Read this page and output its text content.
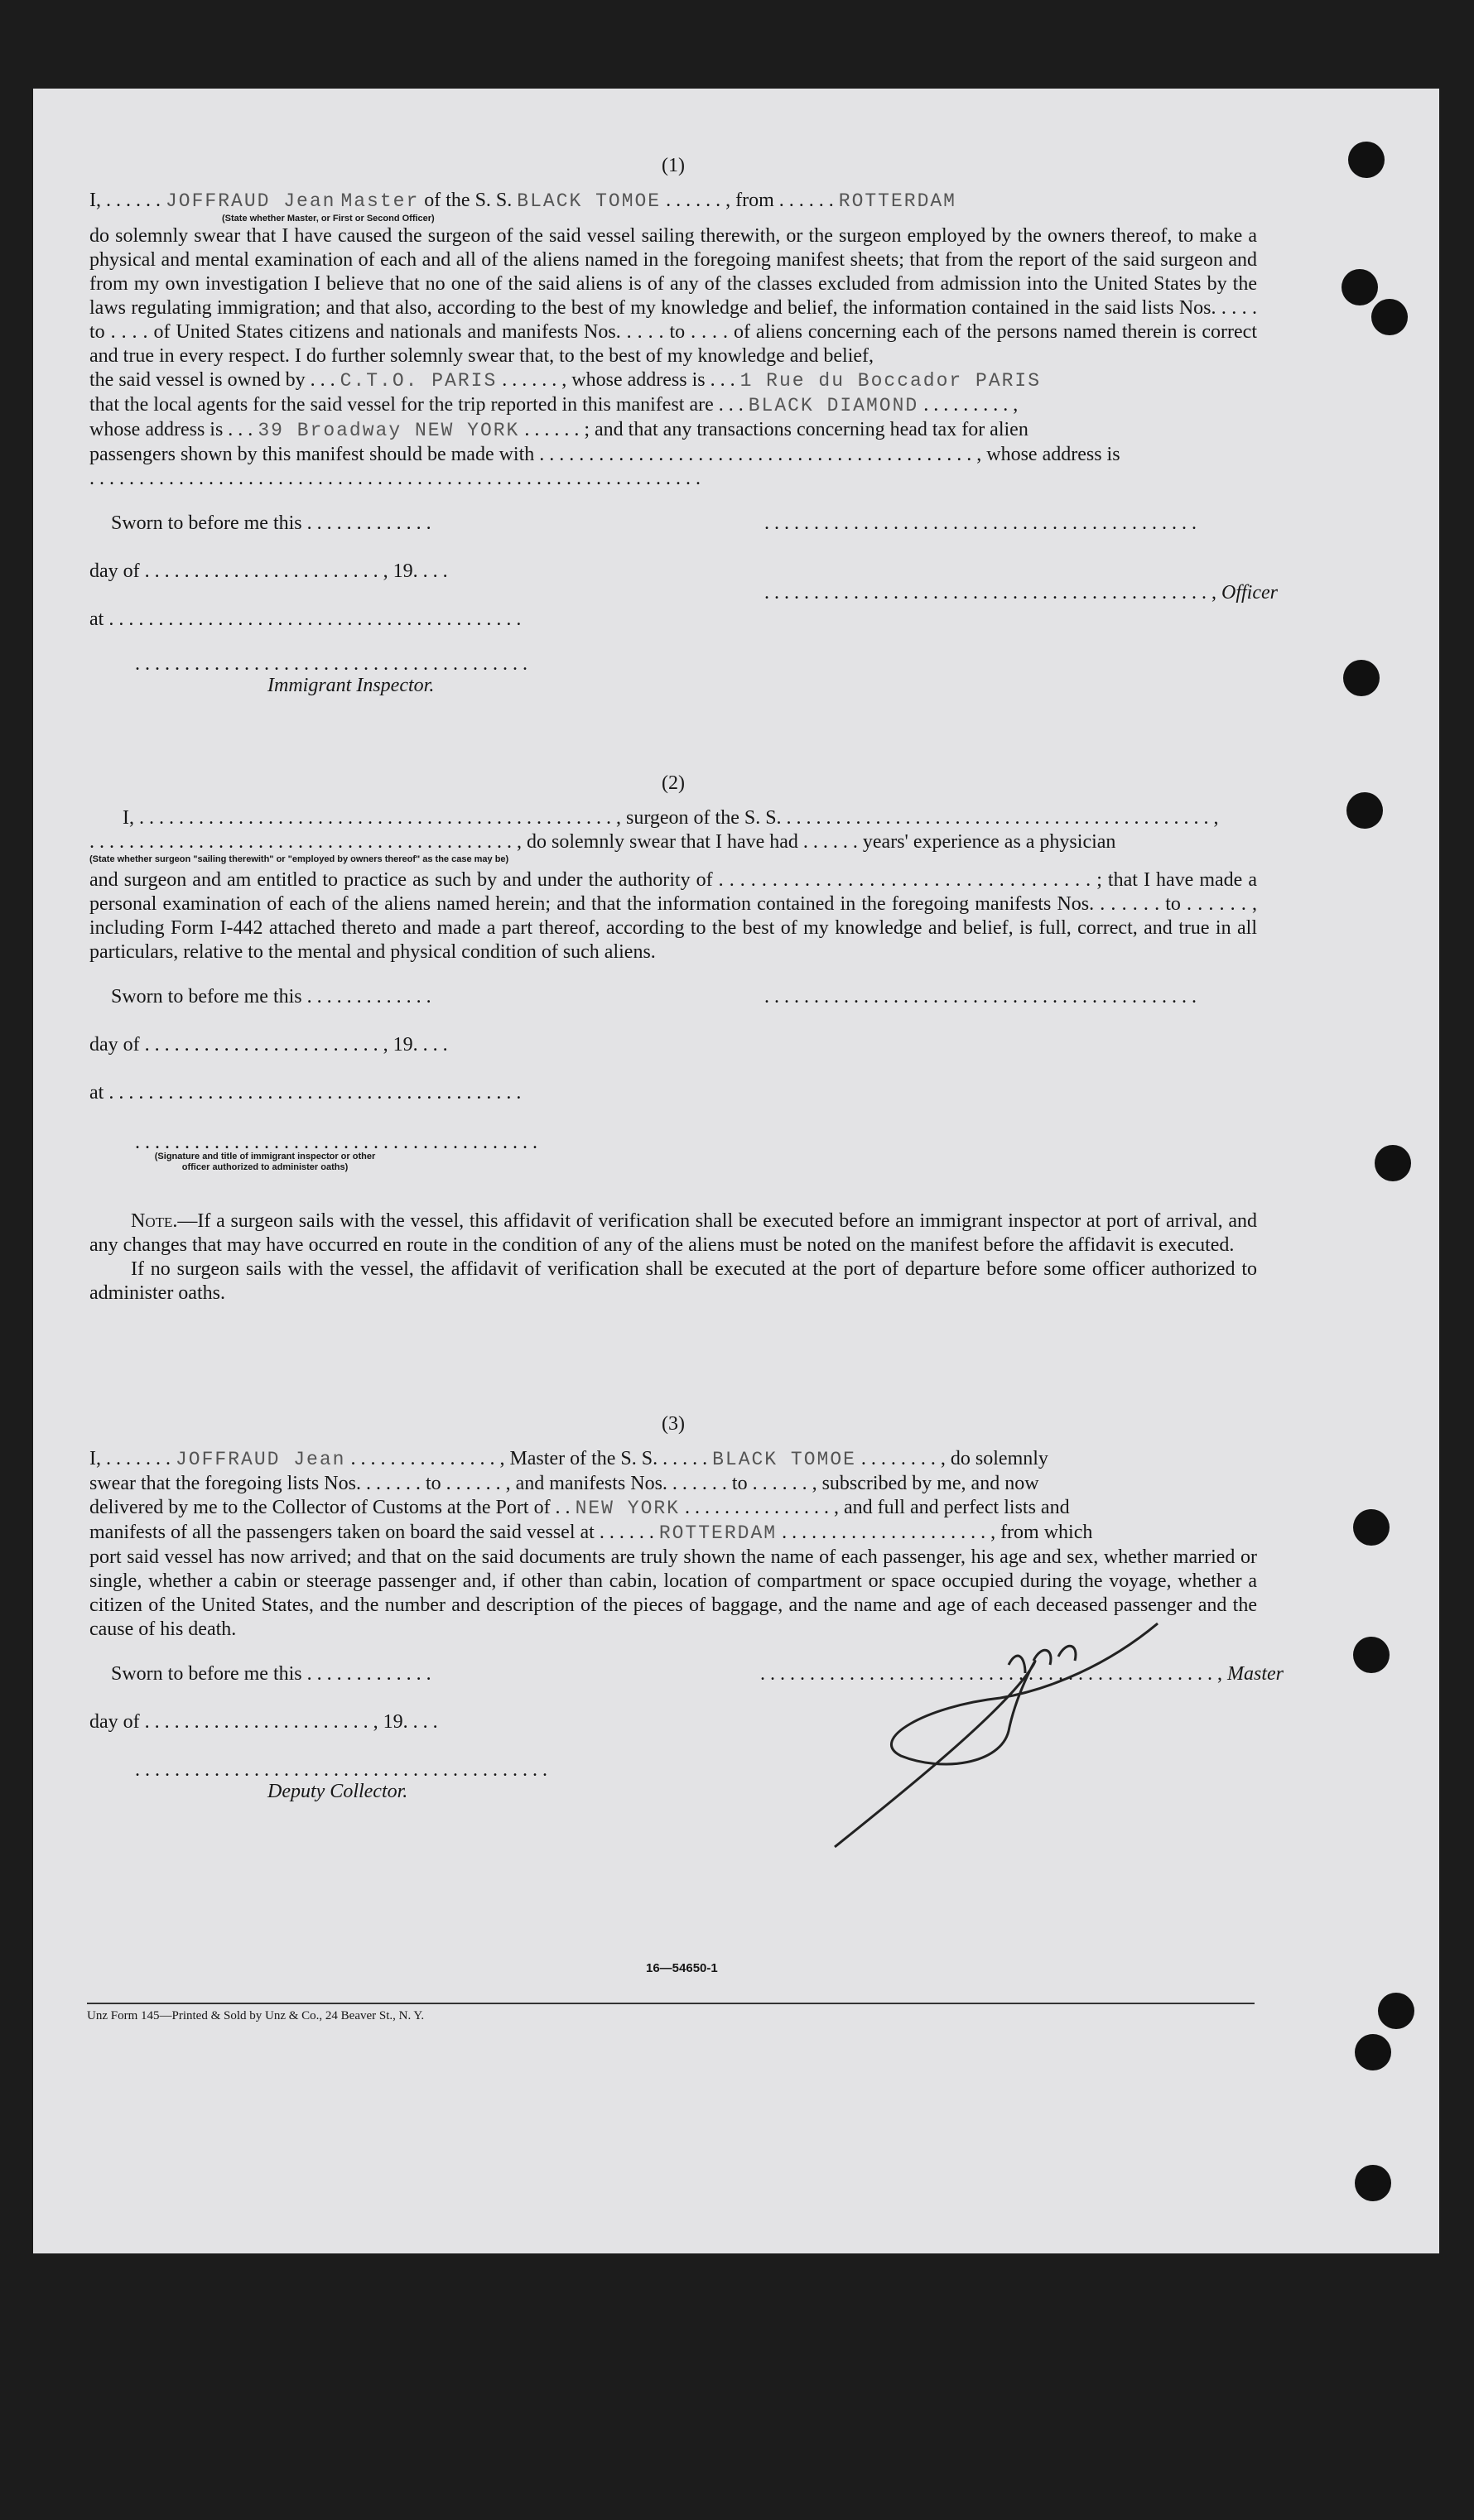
(1)
I, . . . . . . JOFFRAUD Jean Master of the S. S. BLACK TOMOE . . . . . . , from . . . . . . ROTTERDAM
(State whether Master, or First or Second Officer)

do solemnly swear that I have caused the surgeon of the said vessel sailing therewith, or the surgeon employed by the owners thereof, to make a physical and mental examination of each and all of the aliens named in the foregoing manifest sheets; that from the report of the said surgeon and from my own investigation I believe that no one of the said aliens is of any of the classes excluded from admission into the United States by the laws regulating immigration; and that also, according to the best of my knowledge and belief, the information contained in the said lists Nos. . . . . to . . . . of United States citizens and nationals and manifests Nos. . . . . to . . . . of aliens concerning each of the persons named therein is correct and true in every respect. I do further solemnly swear that, to the best of my knowledge and belief,

the said vessel is owned by . . . C.T.O. PARIS . . . . . . , whose address is . . . 1 Rue du Boccador PARIS
that the local agents for the said vessel for the trip reported in this manifest are . . . BLACK DIAMOND . . . . . . . . . ,
whose address is . . . 39 Broadway NEW YORK . . . . . . ; and that any transactions concerning head tax for alien

passengers shown by this manifest should be made with . . . . . . . . . . . . . . . . . . . . . . . . . . . . . . . . . . . . . . . . . . . . , whose address is

. . . . . . . . . . . . . . . . . . . . . . . . . . . . . . . . . . . . . . . . . . . . . . . . . . . . . . . . . . . . . .
Sworn to before me this . . . . . . . . . . . . .	. . . . . . . . . . . . . . . . . . . . . . . . . . . . . . . . . . . . . . . . . . . .
day of . . . . . . . . . . . . . . . . . . . . . . . . , 19. . . .
. . . . . . . . . . . . . . . . . . . . . . . . . . . . . . . . . . . . . . . . . . . . . , Officer
at . . . . . . . . . . . . . . . . . . . . . . . . . . . . . . . . . . . . . . . . . .
. . . . . . . . . . . . . . . . . . . . . . . . . . . . . . . . . . . . . . . .
Immigrant Inspector.
(2)
I, . . . . . . . . . . . . . . . . . . . . . . . . . . . . . . . . . . . . . . . . . . . . . . . . , surgeon of the S. S. . . . . . . . . . . . . . . . . . . . . . . . . . . . . . . . . . . . . . . . . . . . ,
. . . . . . . . . . . . . . . . . . . . . . . . . . . . . . . . . . . . . . . . . . . , do solemnly swear that I have had . . . . . . years' experience as a physician
(State whether surgeon "sailing therewith" or "employed by owners thereof" as the case may be)

and surgeon and am entitled to practice as such by and under the authority of . . . . . . . . . . . . . . . . . . . . . . . . . . . . . . . . . . . ; that I have made a personal examination of each of the aliens named herein; and that the information contained in the foregoing manifests Nos. . . . . . . to . . . . . . , including Form I-442 attached thereto and made a part thereof, according to the best of my knowledge and belief, is full, correct, and true in all particulars, relative to the mental and physical condition of such aliens.

Sworn to before me this . . . . . . . . . . . . .	. . . . . . . . . . . . . . . . . . . . . . . . . . . . . . . . . . . . . . . . . . . .
day of . . . . . . . . . . . . . . . . . . . . . . . . , 19. . . .
at . . . . . . . . . . . . . . . . . . . . . . . . . . . . . . . . . . . . . . . . . .
. . . . . . . . . . . . . . . . . . . . . . . . . . . . . . . . . . . . . . . . .
(Signature and title of immigrant inspector or other officer authorized to administer oaths)

Note.—If a surgeon sails with the vessel, this affidavit of verification shall be executed before an immigrant inspector at port of arrival, and any changes that may have occurred en route in the condition of any of the aliens must be noted on the manifest before the affidavit is executed.

If no surgeon sails with the vessel, the affidavit of verification shall be executed at the port of departure before some officer authorized to administer oaths.

(3)
I, . . . . . . . JOFFRAUD Jean . . . . . . . . . . . . . . . , Master of the S. S. . . . . . BLACK TOMOE . . . . . . . . , do solemnly
swear that the foregoing lists Nos. . . . . . . to . . . . . . , and manifests Nos. . . . . . . to . . . . . . , subscribed by me, and now
delivered by me to the Collector of Customs at the Port of . . NEW YORK . . . . . . . . . . . . . . . , and full and perfect lists and
manifests of all the passengers taken on board the said vessel at . . . . . . ROTTERDAM . . . . . . . . . . . . . . . . . . . . . , from which

port said vessel has now arrived; and that on the said documents are truly shown the name of each passenger, his age and sex, whether married or single, whether a cabin or steerage passenger and, if other than cabin, location of compartment or space occupied during the voyage, whether a citizen of the United States, and the number and description of the pieces of baggage, and the name and age of each deceased passenger and the cause of his death.

Sworn to before me this . . . . . . . . . . . . .	. . . . . . . . . . . . . . . . . . . . . . . . . . . . . . . . . . . . . . . . . . . . . . , Master
day of . . . . . . . . . . . . . . . . . . . . . . . , 19. . . .
. . . . . . . . . . . . . . . . . . . . . . . . . . . . . . . . . . . . . . . . . .
Deputy Collector.
16—54650-1
Unz Form 145—Printed & Sold by Unz & Co., 24 Beaver St., N. Y.
